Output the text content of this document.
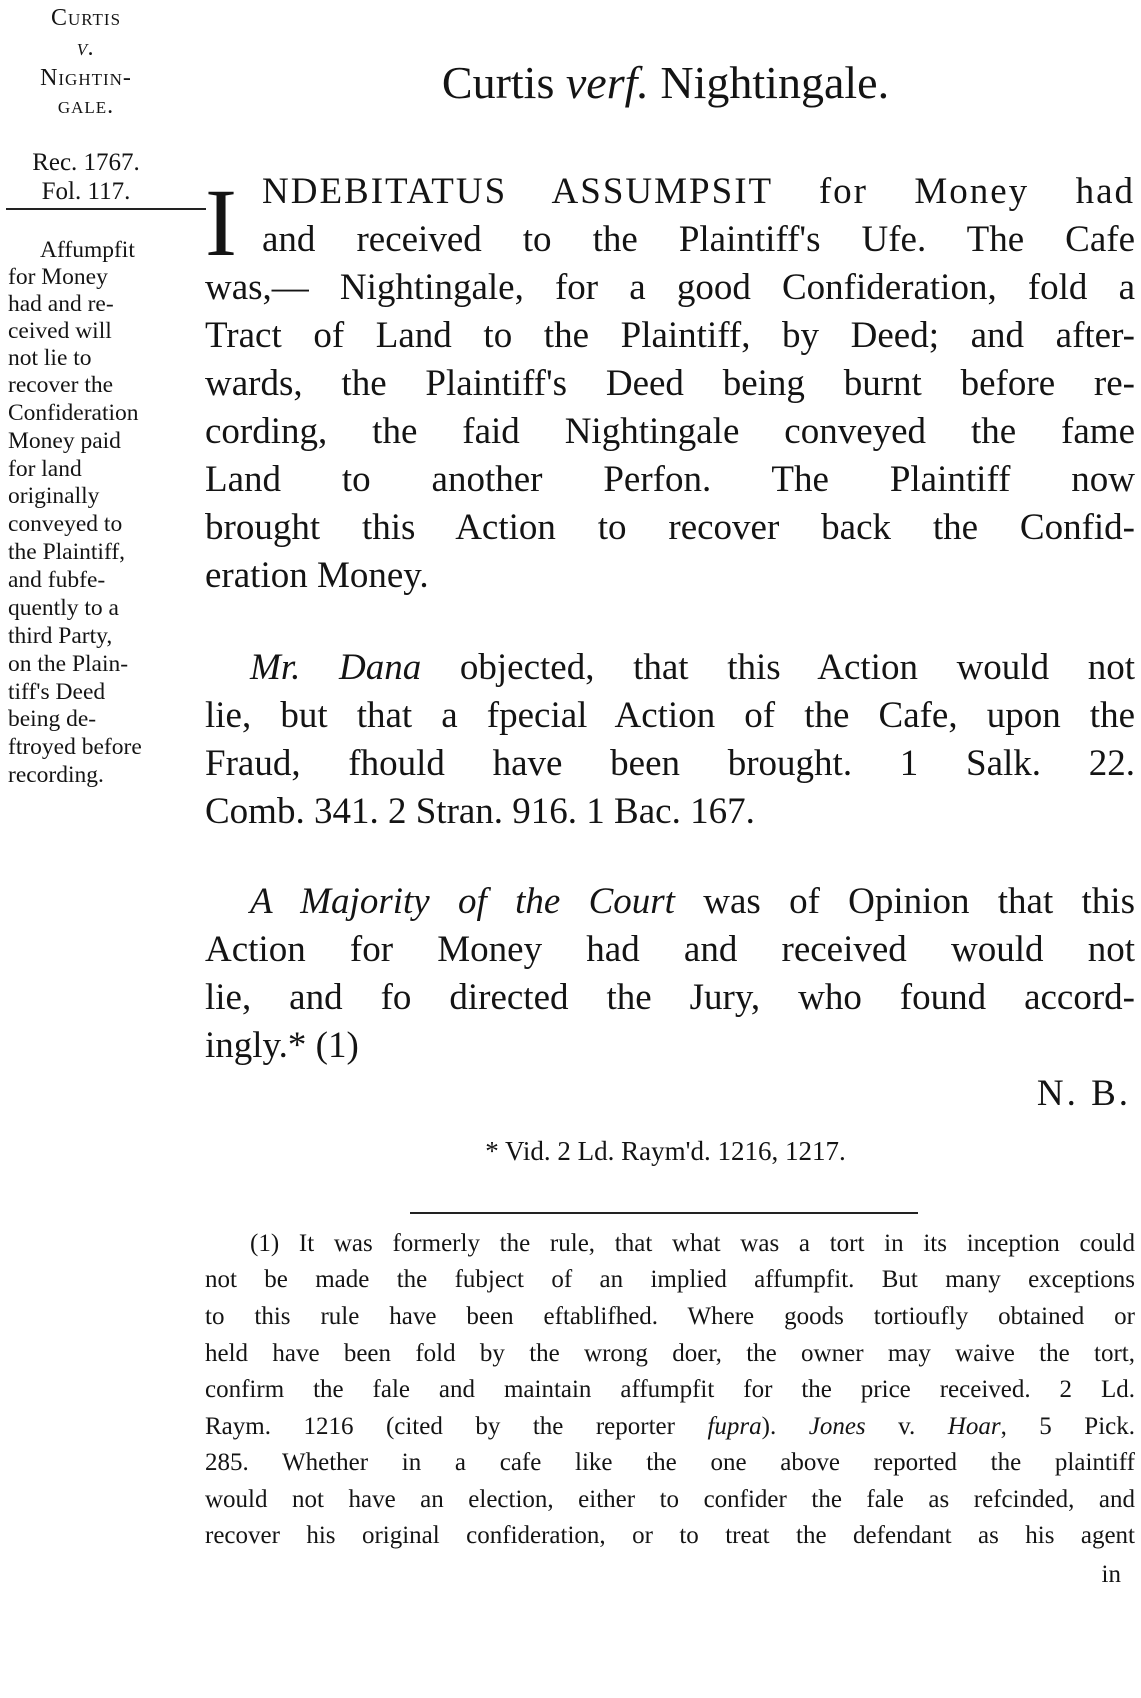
Curtis
v.
Nightin-
gale.
Rec. 1767.
Fol. 117.
Affumpfit
for Money
had and re-
ceived will
not lie to
recover the
Confideration
Money paid
for land
originally
conveyed to
the Plaintiff,
and fubfe-
quently to a
third Party,
on the Plain-
tiff's Deed
being de-
ftroyed before
recording.
Curtis verf. Nightingale.
I NDEBITATUS ASSUMPSIT for Money had
and received to the Plaintiff's Ufe. The Cafe
was,— Nightingale, for a good Confideration, fold a
Tract of Land to the Plaintiff, by Deed; and after-
wards, the Plaintiff's Deed being burnt before re-
cording, the faid Nightingale conveyed the fame
Land to another Perfon. The Plaintiff now
brought this Action to recover back the Confid-
eration Money.
Mr. Dana objected, that this Action would not
lie, but that a fpecial Action of the Cafe, upon the
Fraud, fhould have been brought. 1 Salk. 22.
Comb. 341. 2 Stran. 916. 1 Bac. 167.
A Majority of the Court was of Opinion that this
Action for Money had and received would not
lie, and fo directed the Jury, who found accord-
ingly.* (1)
N. B.
* Vid. 2 Ld. Raym'd. 1216, 1217.
(1) It was formerly the rule, that what was a tort in its inception could
not be made the fubject of an implied affumpfit. But many exceptions
to this rule have been eftablifhed. Where goods tortioufly obtained or
held have been fold by the wrong doer, the owner may waive the tort,
confirm the fale and maintain affumpfit for the price received. 2 Ld.
Raym. 1216 (cited by the reporter fupra). Jones v. Hoar, 5 Pick.
285. Whether in a cafe like the one above reported the plaintiff
would not have an election, either to confider the fale as refcinded, and
recover his original confideration, or to treat the defendant as his agent
in
